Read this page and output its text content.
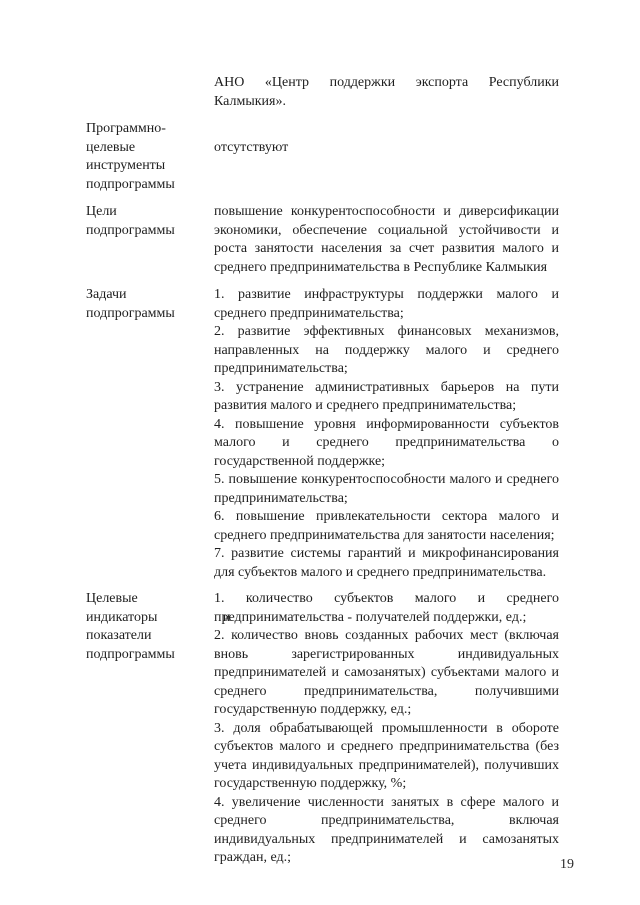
АНО «Центр поддержки экспорта Республики Калмыкия».

Программно-
целевые
инструменты
подпрограммы

отсутствуют

Цели
подпрограммы

повышение конкурентоспособности и диверсификации экономики, обеспечение социальной устойчивости и роста занятости населения за счет развития малого и среднего предпринимательства в Республике Калмыкия

Задачи
подпрограммы

1. развитие инфраструктуры поддержки малого и среднего предпринимательства;

2. развитие эффективных финансовых механизмов, направленных на поддержку малого и среднего предпринимательства;

3. устранение административных барьеров на пути развития малого и среднего предпринимательства;

4. повышение уровня информированности субъектов малого и среднего предпринимательства о государственной поддержке;

5. повышение конкурентоспособности малого и среднего предпринимательства;

6. повышение привлекательности сектора малого и среднего предпринимательства для занятости населения;

7. развитие системы гарантий и микрофинансирования для субъектов малого и среднего предпринимательства.

Целевые
индикаторы и
показатели
подпрограммы

1. количество субъектов малого и среднего предпринимательства - получателей поддержки, ед.;

2. количество вновь созданных рабочих мест (включая вновь зарегистрированных индивидуальных предпринимателей и самозанятых) субъектами малого и среднего предпринимательства, получившими государственную поддержку, ед.;

3. доля обрабатывающей промышленности в обороте субъектов малого и среднего предпринимательства (без учета индивидуальных предпринимателей), получивших государственную поддержку, %;

4. увеличение численности занятых в сфере малого и среднего предпринимательства, включая индивидуальных предпринимателей и самозанятых граждан, ед.;	19
